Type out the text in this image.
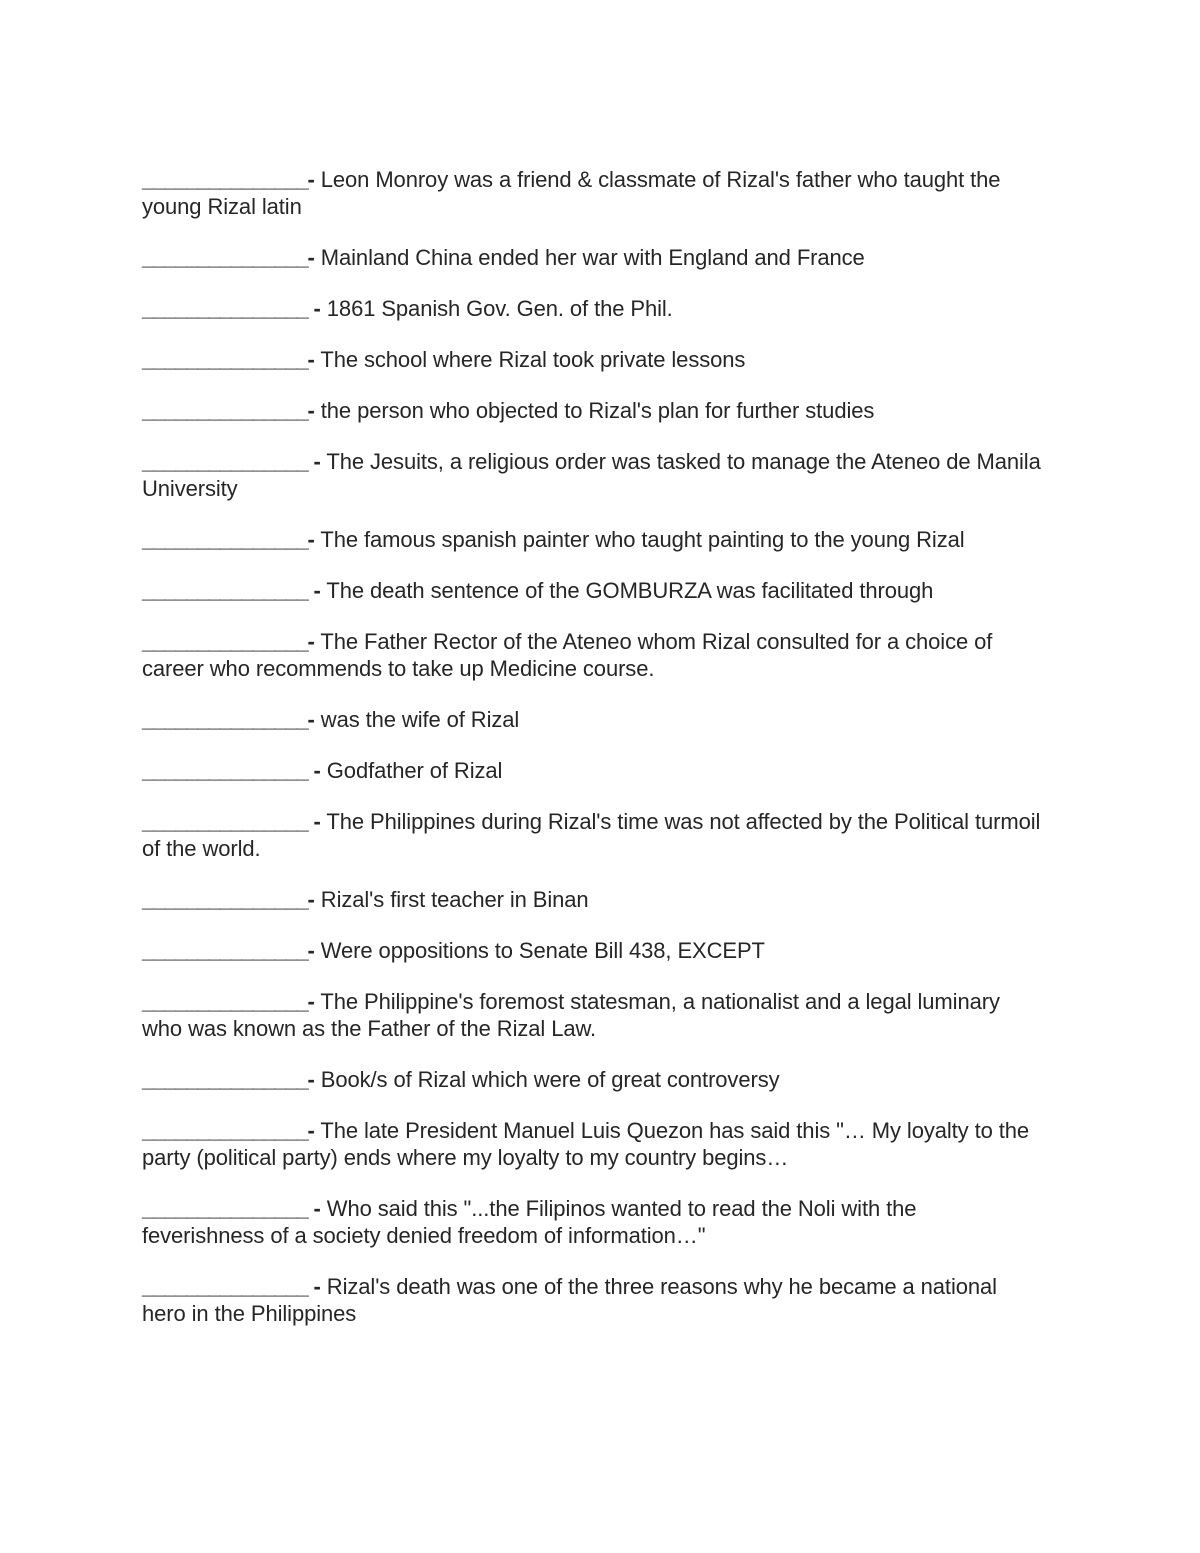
_______________- Leon Monroy was a friend & classmate of Rizal's father who taught the young Rizal latin

_______________- Mainland China ended her war with England and France

_______________ - 1861 Spanish Gov. Gen. of the Phil.

_______________- The school where Rizal took private lessons

_______________- the person who objected to Rizal's plan for further studies

_______________ - The Jesuits, a religious order was tasked to manage the Ateneo de Manila University

_______________- The famous spanish painter who taught painting to the young Rizal

_______________ - The death sentence of the GOMBURZA was facilitated through

_______________- The Father Rector of the Ateneo whom Rizal consulted for a choice of career who recommends to take up Medicine course.

_______________- was the wife of Rizal

_______________ - Godfather of Rizal

_______________ - The Philippines during Rizal's time was not affected by the Political turmoil of the world.

_______________- Rizal's first teacher in Binan

_______________- Were oppositions to Senate Bill 438, EXCEPT

_______________- The Philippine's foremost statesman, a nationalist and a legal luminary who was known as the Father of the Rizal Law.

_______________- Book/s of Rizal which were of great controversy

_______________- The late President Manuel Luis Quezon has said this "… My loyalty to the party (political party) ends where my loyalty to my country begins…

_______________ - Who said this "...the Filipinos wanted to read the Noli with the feverishness of a society denied freedom of information…"

_______________ - Rizal's death was one of the three reasons why he became a national hero in the Philippines
